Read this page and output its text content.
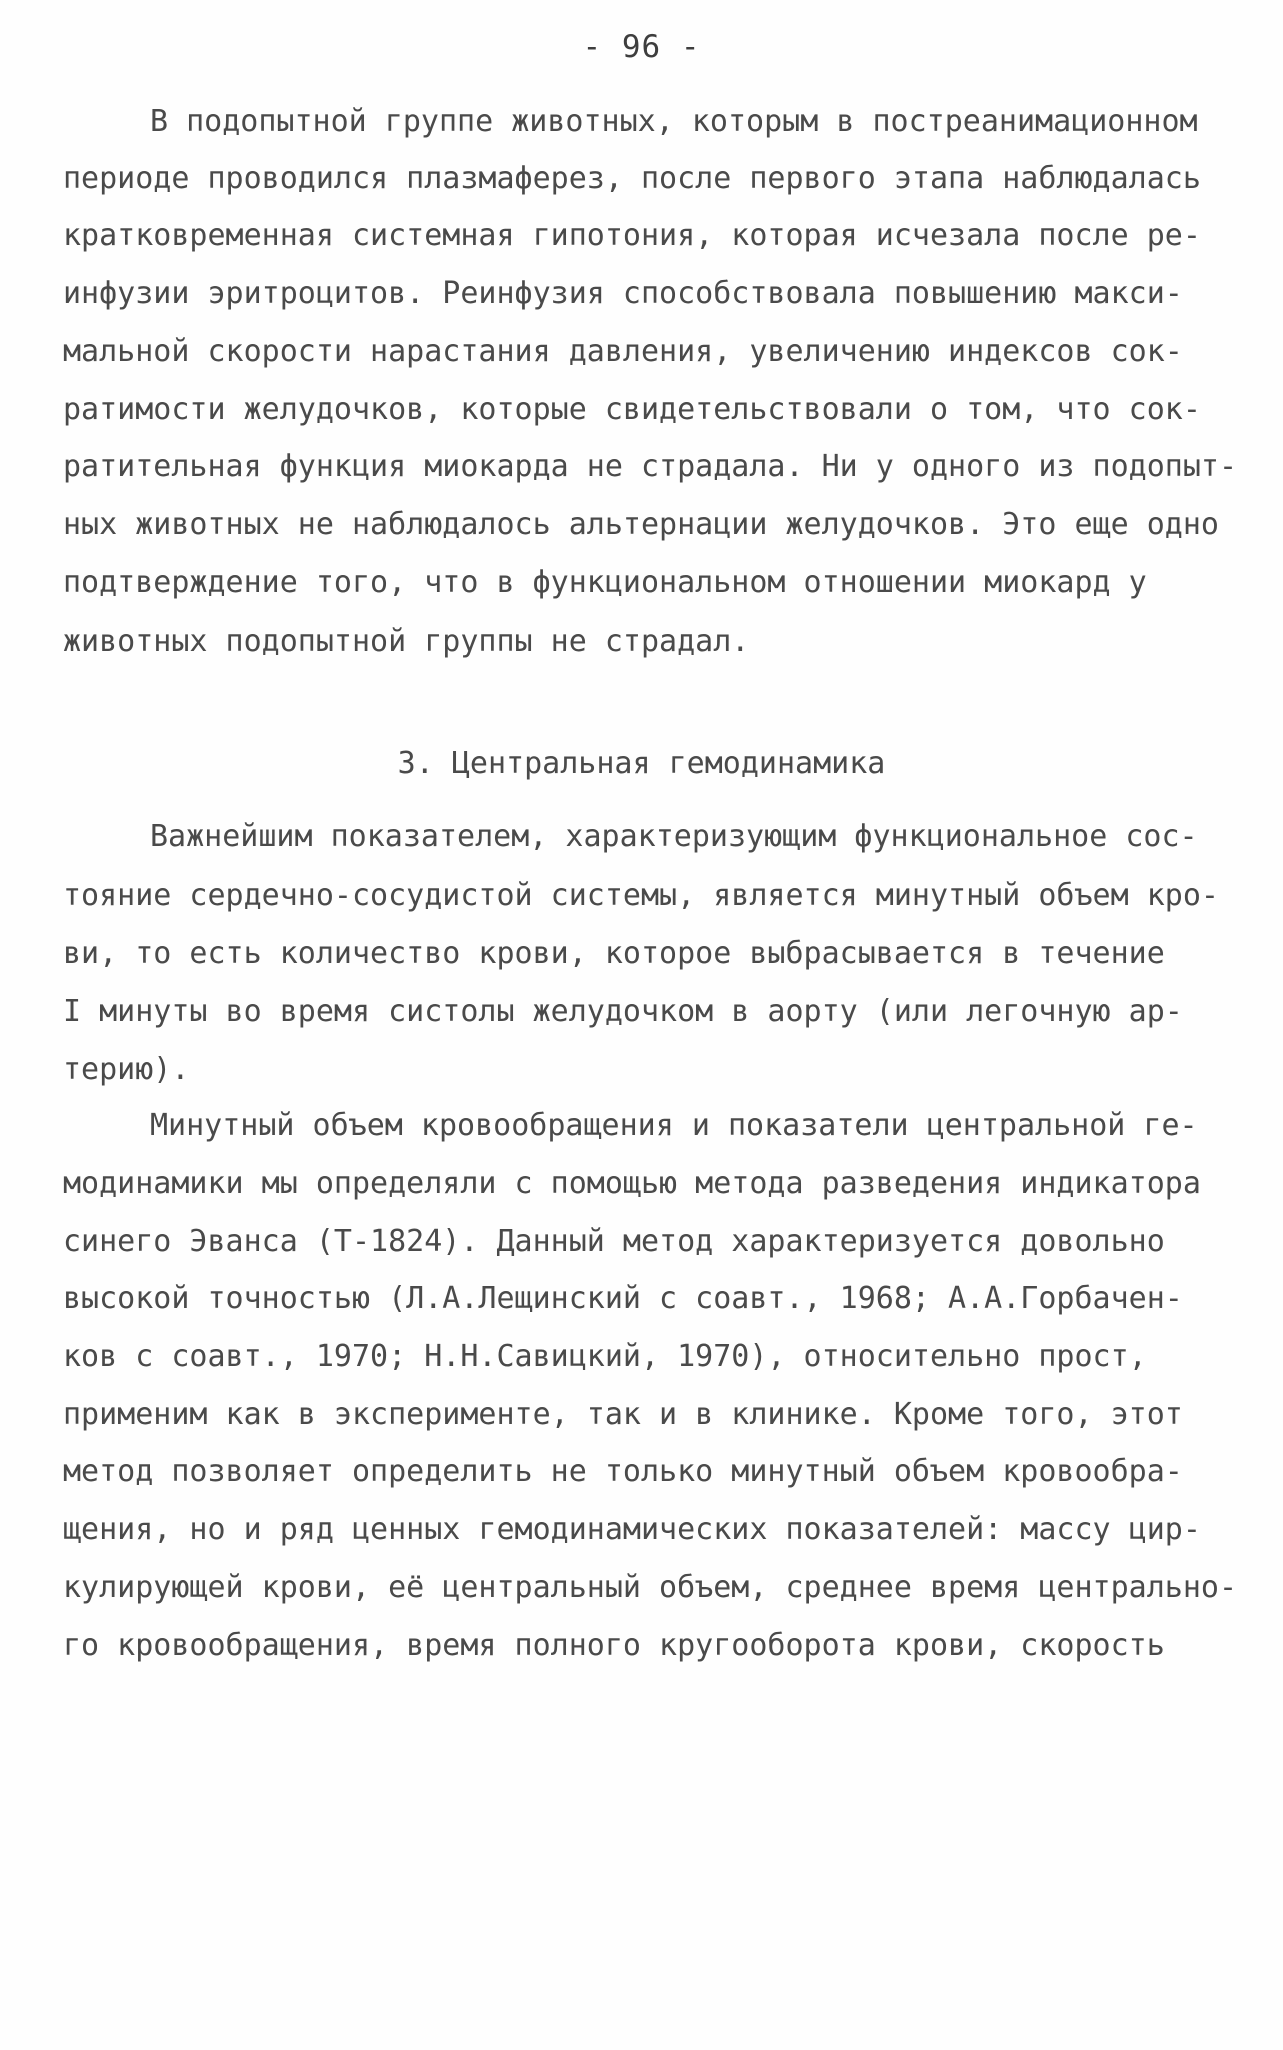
- 96 -
В подопытной группе животных, которым в постреанимационном
периоде проводился плазмаферез, после первого этапа наблюдалась
кратковременная системная гипотония, которая исчезала после ре-
инфузии эритроцитов. Реинфузия способствовала повышению макси-
мальной скорости нарастания давления, увеличению индексов сок-
ратимости желудочков, которые свидетельствовали о том, что сок-
ратительная функция миокарда не страдала. Ни у одного из подопыт-
ных животных не наблюдалось альтернации желудочков. Это еще одно
подтверждение того, что в функциональном отношении миокард у
животных подопытной группы не страдал.
3. Центральная гемодинамика
Важнейшим показателем, характеризующим функциональное сос-
тояние сердечно-сосудистой системы, является минутный объем кро-
ви, то есть количество крови, которое выбрасывается в течение
I минуты во время систолы желудочком в аорту (или легочную ар-
терию).
Минутный объем кровообращения и показатели центральной ге-
модинамики мы определяли с помощью метода разведения индикатора
синего Эванса (Т-1824). Данный метод характеризуется довольно
высокой точностью (Л.А.Лещинский с соавт., 1968; А.А.Горбачен-
ков с соавт., 1970; Н.Н.Савицкий, 1970), относительно прост,
применим как в эксперименте, так и в клинике. Кроме того, этот
метод позволяет определить не только минутный объем кровообра-
щения, но и ряд ценных гемодинамических показателей: массу цир-
кулирующей крови, её центральный объем, среднее время центрально-
го кровообращения, время полного кругооборота крови, скорость
